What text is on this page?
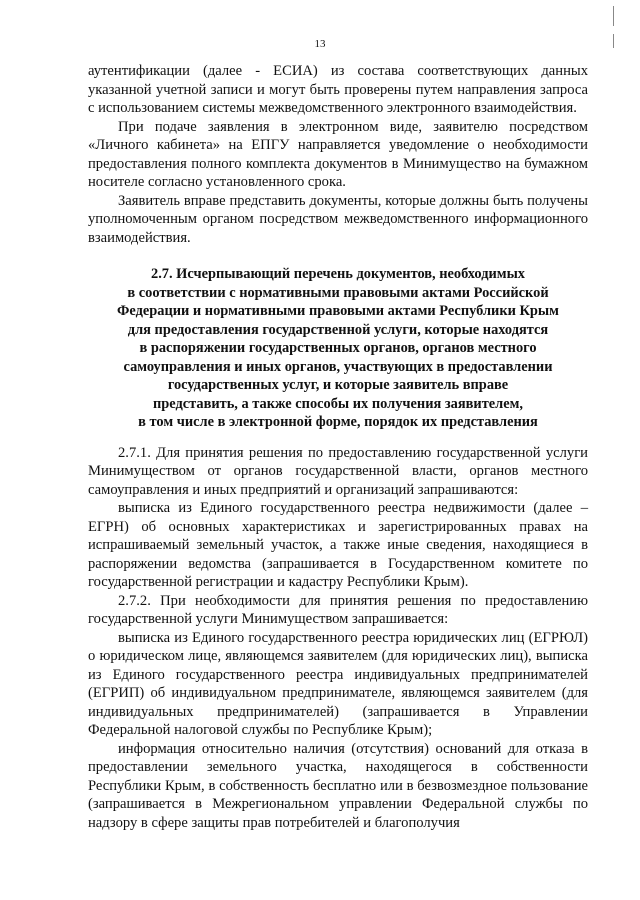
13

аутентификации (далее - ЕСИА) из состава соответствующих данных указанной учетной записи и могут быть проверены путем направления запроса с использованием системы межведомственного электронного взаимодействия.

При подаче заявления в электронном виде, заявителю посредством «Личного кабинета» на ЕПГУ направляется уведомление о необходимости предоставления полного комплекта документов в Минимущество на бумажном носителе согласно установленного срока.

Заявитель вправе представить документы, которые должны быть получены уполномоченным органом посредством межведомственного информационного взаимодействия.

2.7. Исчерпывающий перечень документов, необходимых
в соответствии с нормативными правовыми актами Российской
Федерации и нормативными правовыми актами Республики Крым
для предоставления государственной услуги, которые находятся
в распоряжении государственных органов, органов местного
самоуправления и иных органов, участвующих в предоставлении
государственных услуг, и которые заявитель вправе
представить, а также способы их получения заявителем,
в том числе в электронной форме, порядок их представления

2.7.1. Для принятия решения по предоставлению государственной услуги Минимуществом от органов государственной власти, органов местного самоуправления и иных предприятий и организаций запрашиваются:

выписка из Единого государственного реестра недвижимости (далее – ЕГРН) об основных характеристиках и зарегистрированных правах на испрашиваемый земельный участок, а также иные сведения, находящиеся в распоряжении ведомства (запрашивается в Государственном комитете по государственной регистрации и кадастру Республики Крым).

2.7.2. При необходимости для принятия решения по предоставлению государственной услуги Минимуществом запрашивается:

выписка из Единого государственного реестра юридических лиц (ЕГРЮЛ) о юридическом лице, являющемся заявителем (для юридических лиц), выписка из Единого государственного реестра индивидуальных предпринимателей (ЕГРИП) об индивидуальном предпринимателе, являющемся заявителем (для индивидуальных предпринимателей) (запрашивается в Управлении Федеральной налоговой службы по Республике Крым);

информация относительно наличия (отсутствия) оснований для отказа в предоставлении земельного участка, находящегося в собственности Республики Крым, в собственность бесплатно или в безвозмездное пользование (запрашивается в Межрегиональном управлении Федеральной службы по надзору в сфере защиты прав потребителей и благополучия
